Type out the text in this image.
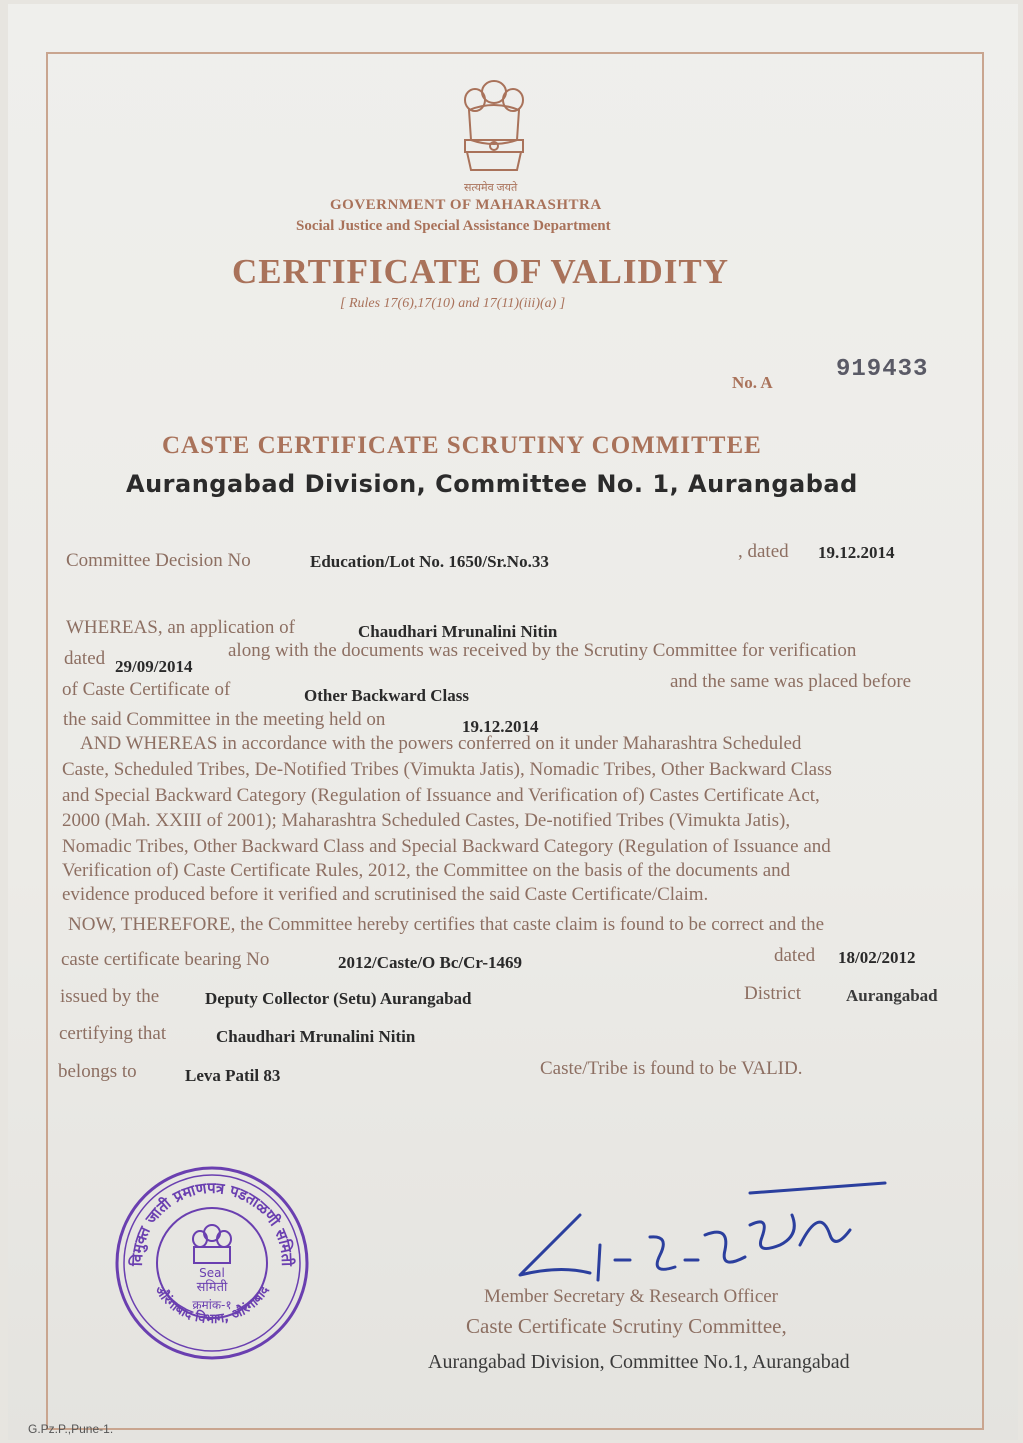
सत्यमेव जयते
GOVERNMENT OF MAHARASHTRA
Social Justice and Special Assistance Department
CERTIFICATE OF VALIDITY
[ Rules 17(6),17(10) and 17(11)(iii)(a) ]
No. A	919433
CASTE CERTIFICATE SCRUTINY COMMITTEE
Aurangabad Division, Committee No. 1, Aurangabad
Committee Decision No	Education/Lot No. 1650/Sr.No.33	, dated 19.12.2014
WHEREAS, an application of	Chaudhari Mrunalini Nitin
dated 29/09/2014
along with the documents was received by the Scrutiny Committee for verification
of Caste Certificate of	Other Backward Class
and the same was placed before
the said Committee in the meeting held on	19.12.2014
AND WHEREAS in accordance with the powers conferred on it under Maharashtra Scheduled
Caste, Scheduled Tribes, De-Notified Tribes (Vimukta Jatis), Nomadic Tribes, Other Backward Class
and Special Backward Category (Regulation of Issuance and Verification of) Castes Certificate Act,
2000 (Mah. XXIII of 2001); Maharashtra Scheduled Castes, De-notified Tribes (Vimukta Jatis),
Nomadic Tribes, Other Backward Class and Special Backward Category (Regulation of Issuance and
Verification of) Caste Certificate Rules, 2012, the Committee on the basis of the documents and
evidence produced before it verified and scrutinised the said Caste Certificate/Claim.
NOW, THEREFORE, the Committee hereby certifies that caste claim is found to be correct and the
caste certificate bearing No	2012/Caste/O Bc/Cr-1469	dated 18/02/2012
issued by the	Deputy Collector (Setu) Aurangabad	District	Aurangabad
certifying that	Chaudhari Mrunalini Nitin
belongs to	Leva Patil 83	Caste/Tribe is found to be VALID.
विमुक्त जाती प्रमाणपत्र पडताळणी समिती
औरंगाबाद विभाग, औरंगाबाद
Seal
समिती
क्रमांक-१	Member Secretary & Research Officer
Caste Certificate Scrutiny Committee,
Aurangabad Division, Committee No.1, Aurangabad
G.Pz.P.,Pune-1.
